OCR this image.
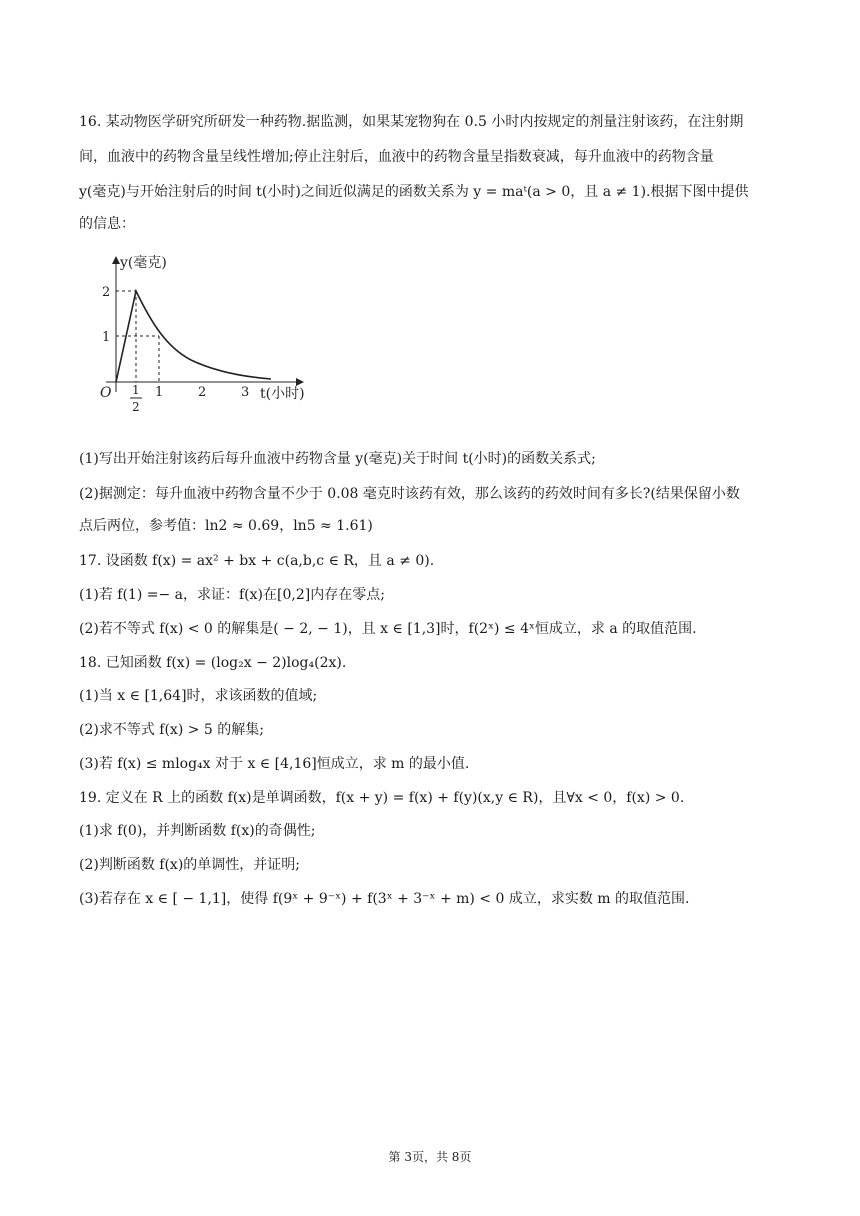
16. 某动物医学研究所研发一种药物.据监测，如果某宠物狗在 0.5 小时内按规定的剂量注射该药，在注射期
间，血液中的药物含量呈线性增加;停止注射后，血液中的药物含量呈指数衰减，每升血液中的药物含量
y(毫克)与开始注射后的时间 t(小时)之间近似满足的函数关系为 y = maᵗ(a > 0，且 a ≠ 1).根据下图中提供
的信息：
y(毫克)
2
1
O 1
2
1	2	3 t(小时)
(1)写出开始注射该药后每升血液中药物含量 y(毫克)关于时间 t(小时)的函数关系式;
(2)据测定：每升血液中药物含量不少于 0.08 毫克时该药有效，那么该药的药效时间有多长?(结果保留小数
点后两位，参考值：ln2 ≈ 0.69，ln5 ≈ 1.61)
17. 设函数 f(x) = ax² + bx + c(a,b,c ∈ R，且 a ≠ 0).
(1)若 f(1) =− a，求证：f(x)在[0,2]内存在零点;
(2)若不等式 f(x) < 0 的解集是( − 2, − 1)，且 x ∈ [1,3]时，f(2ˣ) ≤ 4ˣ恒成立，求 a 的取值范围.
18. 已知函数 f(x) = (log₂x − 2)log₄(2x).
(1)当 x ∈ [1,64]时，求该函数的值域;
(2)求不等式 f(x) > 5 的解集;
(3)若 f(x) ≤ mlog₄x 对于 x ∈ [4,16]恒成立，求 m 的最小值.
19. 定义在 R 上的函数 f(x)是单调函数，f(x + y) = f(x) + f(y)(x,y ∈ R)，且∀x < 0，f(x) > 0.
(1)求 f(0)，并判断函数 f(x)的奇偶性;
(2)判断函数 f(x)的单调性，并证明;
(3)若存在 x ∈ [ − 1,1]，使得 f(9ˣ + 9⁻ˣ) + f(3ˣ + 3⁻ˣ + m) < 0 成立，求实数 m 的取值范围.
第 3页，共 8页
